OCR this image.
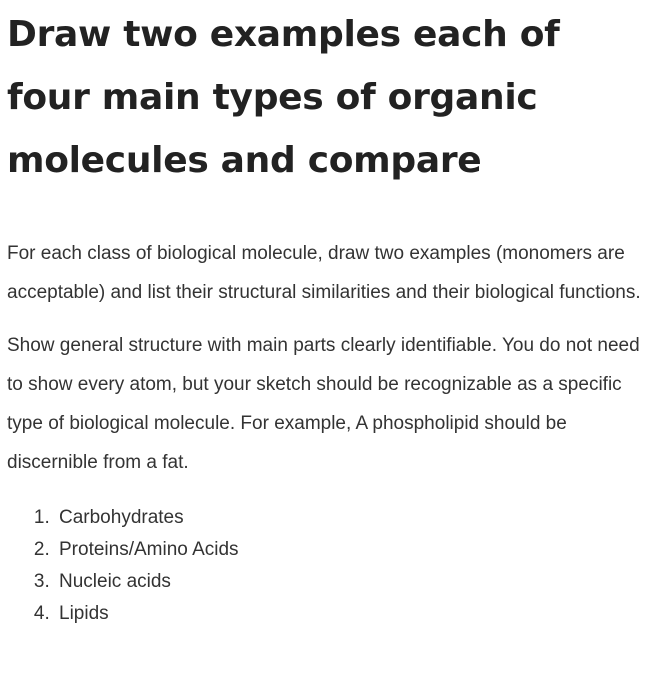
Draw two examples each of four main types of organic molecules and compare

For each class of biological molecule, draw two examples (monomers are acceptable) and list their structural similarities and their biological functions.

Show general structure with main parts clearly identifiable. You do not need to show every atom, but your sketch should be recognizable as a specific type of biological molecule. For example, A phospholipid should be discernible from a fat.

1. Carbohydrates
2. Proteins/Amino Acids
3. Nucleic acids
4. Lipids
